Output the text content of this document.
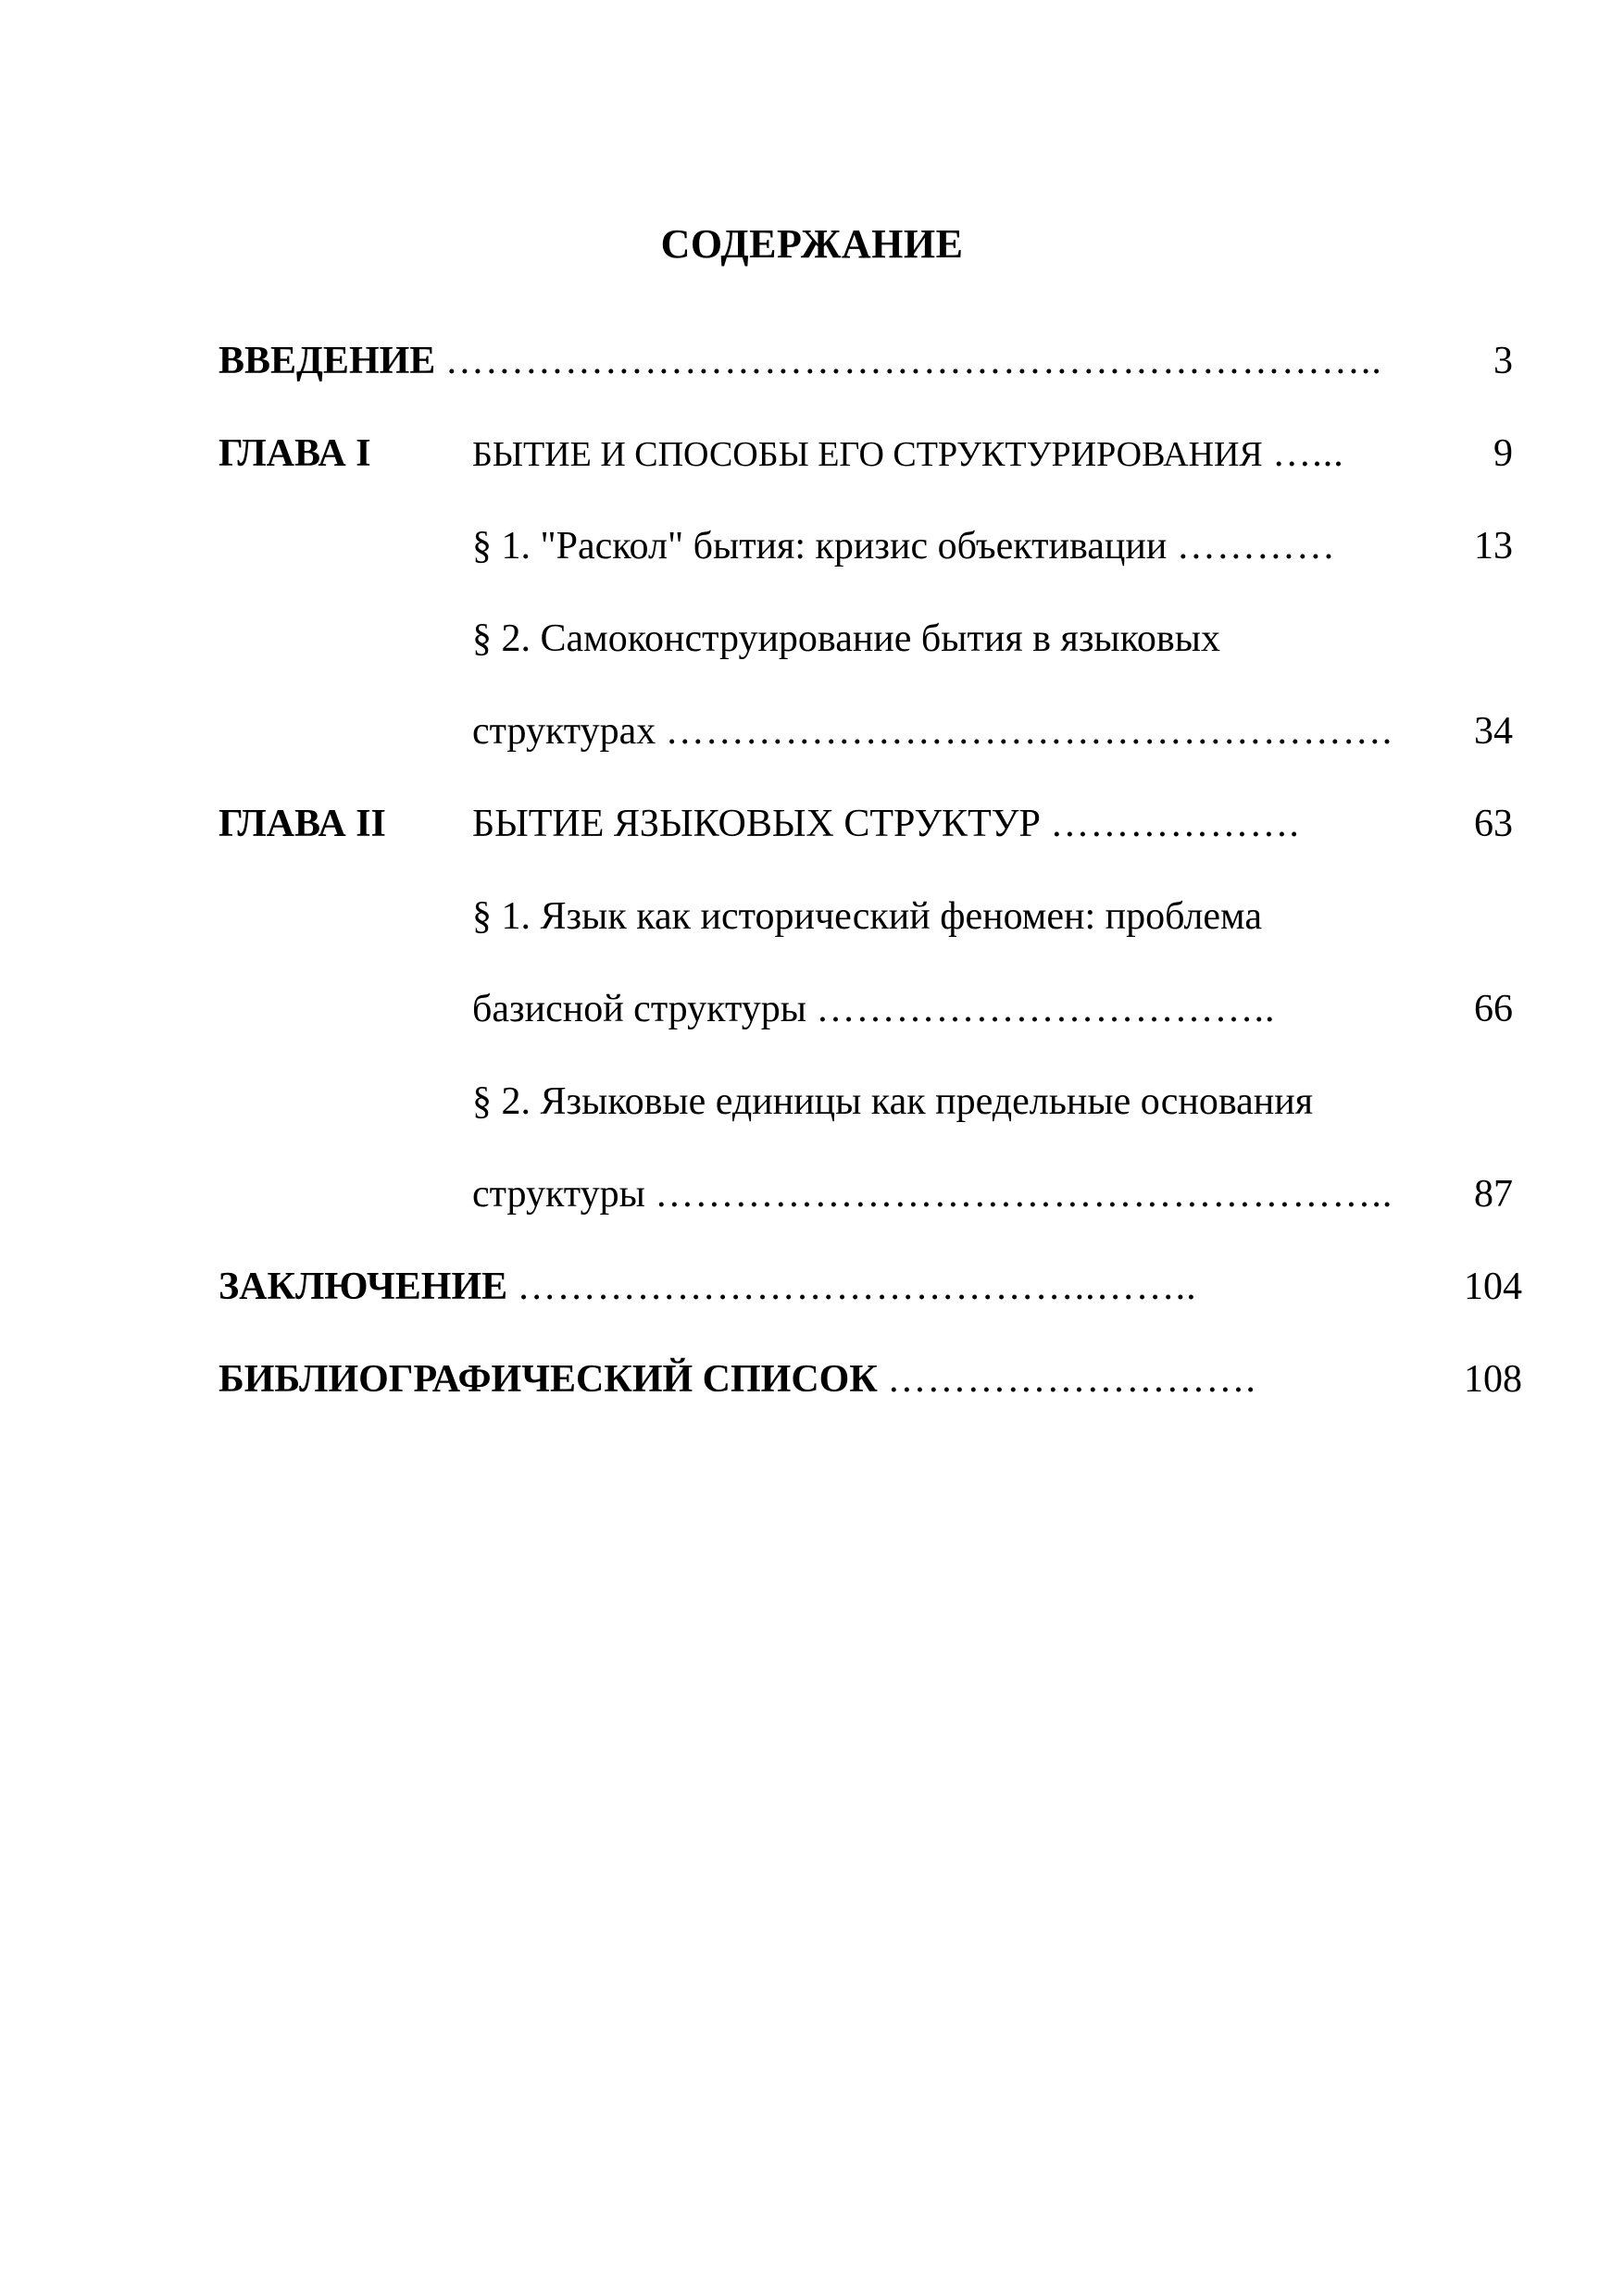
СОДЕРЖАНИЕ
ВВЕДЕНИЕ ……………………………………………………………..	3
ГЛАВА I	БЫТИЕ И СПОСОБЫ ЕГО СТРУКТУРИРОВАНИЯ …...	9
§ 1. "Раскол" бытия: кризис объективации …………	13
§ 2. Самоконструирование бытия в языковых
структурах ……………………………………………….	34
ГЛАВА II БЫТИЕ ЯЗЫКОВЫХ СТРУКТУР ……………….	63
§ 1. Язык как исторический феномен: проблема
базисной структуры ……………………………..	66
§ 2. Языковые единицы как предельные основания
структуры ………………………………………………..	87
ЗАКЛЮЧЕНИЕ ……………………………………..……..	104
БИБЛИОГРАФИЧЕСКИЙ СПИСОК ……………………….	108
